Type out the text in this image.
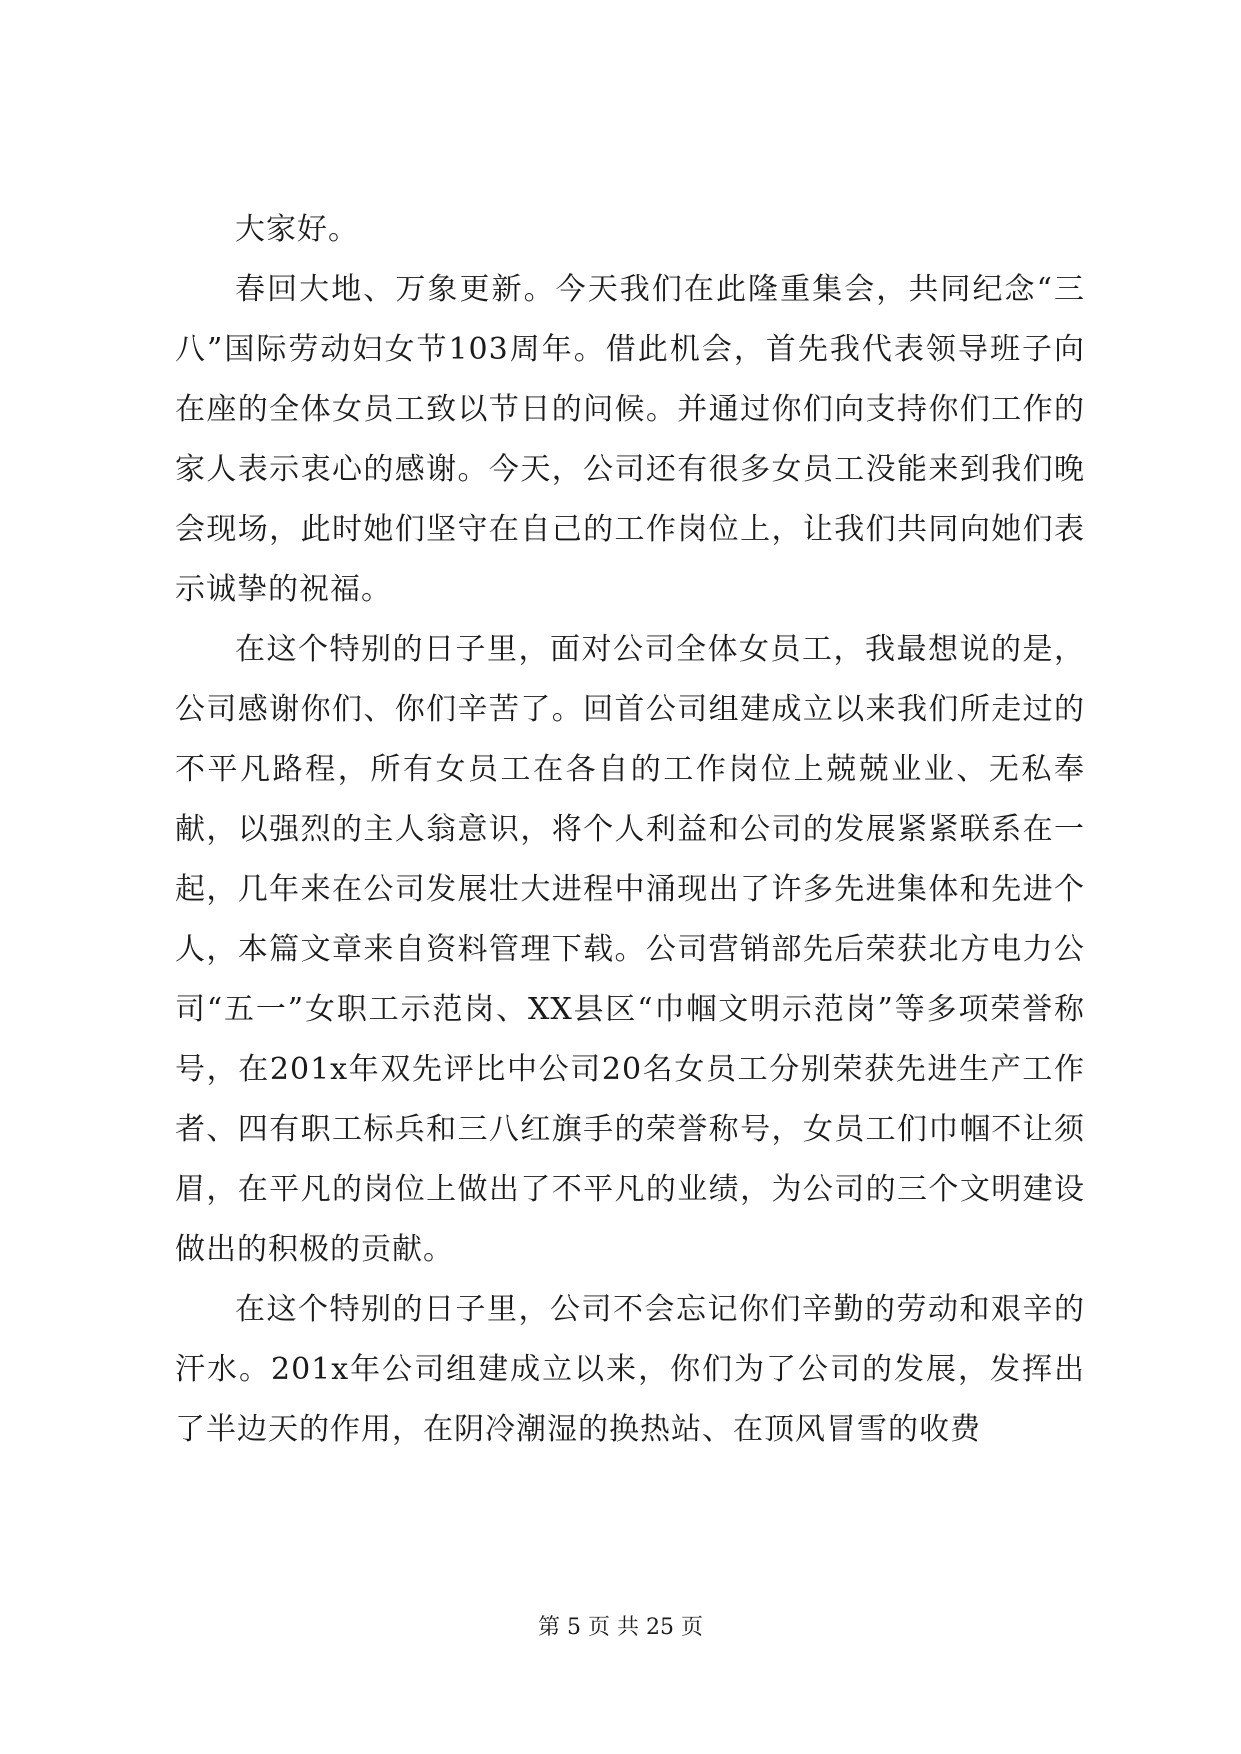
大家好。

春回大地、万象更新。今天我们在此隆重集会，共同纪念“三八”国际劳动妇女节103周年。借此机会，首先我代表领导班子向在座的全体女员工致以节日的问候。并通过你们向支持你们工作的家人表示衷心的感谢。今天，公司还有很多女员工没能来到我们晚会现场，此时她们坚守在自己的工作岗位上，让我们共同向她们表示诚挚的祝福。

在这个特别的日子里，面对公司全体女员工，我最想说的是，公司感谢你们、你们辛苦了。回首公司组建成立以来我们所走过的不平凡路程，所有女员工在各自的工作岗位上兢兢业业、无私奉献，以强烈的主人翁意识，将个人利益和公司的发展紧紧联系在一起，几年来在公司发展壮大进程中涌现出了许多先进集体和先进个人，本篇文章来自资料管理下载。公司营销部先后荣获北方电力公司“五一”女职工示范岗、XX县区“巾帼文明示范岗”等多项荣誉称号，在201x年双先评比中公司20名女员工分别荣获先进生产工作者、四有职工标兵和三八红旗手的荣誉称号，女员工们巾帼不让须眉，在平凡的岗位上做出了不平凡的业绩，为公司的三个文明建设做出的积极的贡献。

在这个特别的日子里，公司不会忘记你们辛勤的劳动和艰辛的汗水。201x年公司组建成立以来，你们为了公司的发展，发挥出了半边天的作用，在阴冷潮湿的换热站、在顶风冒雪的收费

第 5 页 共 25 页
